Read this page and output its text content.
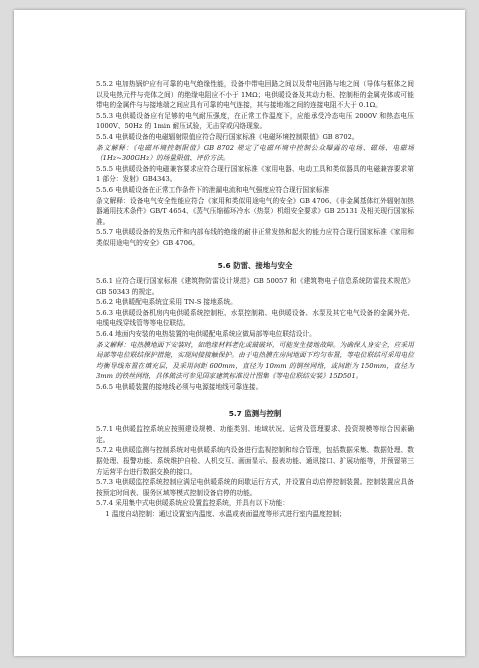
5.5.2 电加热锅炉应有可靠的电气绝缘性能，设备中带电回路之间以及带电回路与地之间（导体与框体之间以及电热元件与壳体之间）的绝缘电阻应不小于 1MΩ；电供暖设备及其动力柜、控制柜的金属壳体或可能带电的金属件与与接地端之间应具有可靠的电气连接，其与接地端之间的连接电阻不大于 0.1Ω。

5.5.3 电供暖设备应有足够的电气耐压强度，在正常工作温度下，应能承受冷态电压 2000V 和热态电压 1000V、50Hz 的 1min 耐压试验，无击穿或闪络现象。

5.5.4 电供暖设备的电磁辐射限值应符合现行国家标准《电磁环境控制限值》GB 8702。

条文解释：《电磁环境控制限值》GB 8702 规定了电磁环境中控制公众曝露的电场、磁场、电磁场（1Hz~300GHz）的场量限值、评价方法。

5.5.5 电供暖设备的电磁兼容要求应符合现行国家标准《家用电器、电动工具和类似器具的电磁兼容要求第 1 部分：发射》GB4343。

5.5.6 电供暖设备在正常工作条件下的泄漏电流和电气强度应符合现行国家标准

条文解释：设备电气安全性能应符合《家用和类似用途电气的安全》GB 4706、《非金属基体红外辐射加热器通用技术条件》GB/T 4654、《蒸气压缩循环冷水（热泵）机组安全要求》GB 25131 及相关现行国家标准。

5.5.7 电供暖设备的发热元件和内部布线的绝缘的耐非正常发热和起火的能力应符合现行国家标准《家用和类似用途电气的安全》GB 4706。

5.6 防雷、接地与安全

5.6.1 应符合现行国家标准《建筑物防雷设计规范》GB 50057 和《建筑物电子信息系统防雷技术规范》GB 50343 的规定。

5.6.2 电供暖配电系统宜采用 TN-S 接地系统。

5.6.3 电供暖设备机房内电供暖系统控制柜、水泵控制箱、电供暖设备、水泵及其它电气设备的金属外壳、电缆电线穿线管等等电位联结。

5.6.4 地面内安装的电热装置的电供暖配电系统应做局部等电位联结设计。

条文解释：电热膜地面下安装时，如绝缘材料老化或破破坏，可能发生接地故障。为确保人身安全，应采用局部等电位联结保护措施，实现间接接触保护。由于电热膜在房间地面下均匀布置，等电位联结可采用电位均衡导线布置在填充层，及采用间距 600mm，直径为 10mm 的铜丝网络，或间距为 150mm，直径为 3mm 的铁丝网络，具体做法可参见国家建筑标准设计图集《等电位联结安装》15D501。

5.6.5 电供暖装置的接地线必须与电源接地线可靠连接。

5.7 监测与控制

5.7.1 电供暖监控系统应按照建设规模、功能类别、地域状况、运营及管理要求、投资规模等综合因素确定。

5.7.2 电供暖监测与控制系统对电供暖系统内设备进行监视控制和综合管理，包括数据采集、数据处理、数据处理、报警功能、系统维护自检、人机交互、画面显示、报表功能、通讯接口、扩展功能等，并预留第三方运营平台进行数据交换的接口。

5.7.3 电供暖监控系统控制应满足电供暖系统的间歇运行方式，并设置自动启停控制装置。控制装置应具备按预定时间表、服务区域等模式控制设备启停的功能。

5.7.4 采用集中式电供暖系统应设置监控系统，并具有以下功能：

1 温度自动控制：通过设置室内温度、水温或表面温度等形式进行室内温度控制；
